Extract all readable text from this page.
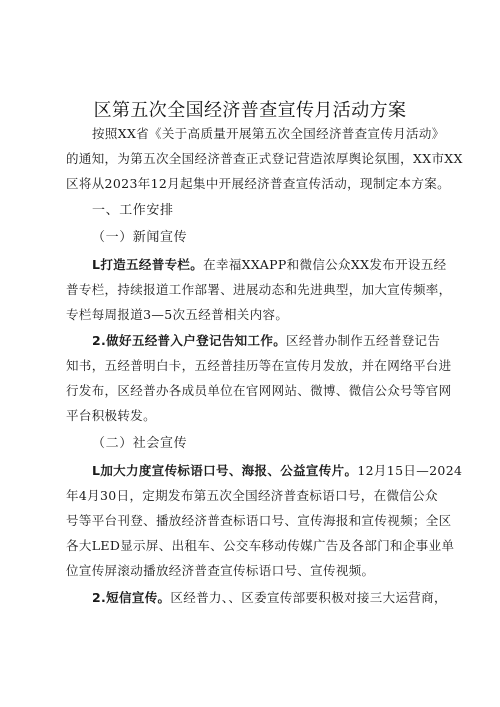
区第五次全国经济普查宣传月活动方案
按照XX省《关于高质量开展第五次全国经济普查宣传月活动》
的通知，为第五次全国经济普查正式登记营造浓厚舆论氛围，XX市XX
区将从2023年12月起集中开展经济普查宣传活动，现制定本方案。
一、工作安排
（一）新闻宣传
L打造五经普专栏。在幸福XXAPP和微信公众XX发布开设五经
普专栏，持续报道工作部署、进展动态和先进典型，加大宣传频率，
专栏每周报道3—5次五经普相关内容。
2.做好五经普入户登记告知工作。区经普办制作五经普登记告
知书，五经普明白卡，五经普挂历等在宣传月发放，并在网络平台进
行发布，区经普办各成员单位在官网网站、微博、微信公众号等官网
平台积极转发。
（二）社会宣传
L加大力度宣传标语口号、海报、公益宣传片。12月15日—2024
年4月30日，定期发布第五次全国经济普查标语口号，在微信公众
号等平台刊登、播放经济普查标语口号、宣传海报和宣传视频；全区
各大LED显示屏、出租车、公交车移动传媒广告及各部门和企事业单
位宣传屏滚动播放经济普查宣传标语口号、宣传视频。
2.短信宣传。区经普力、、区委宣传部要积极对接三大运营商，
